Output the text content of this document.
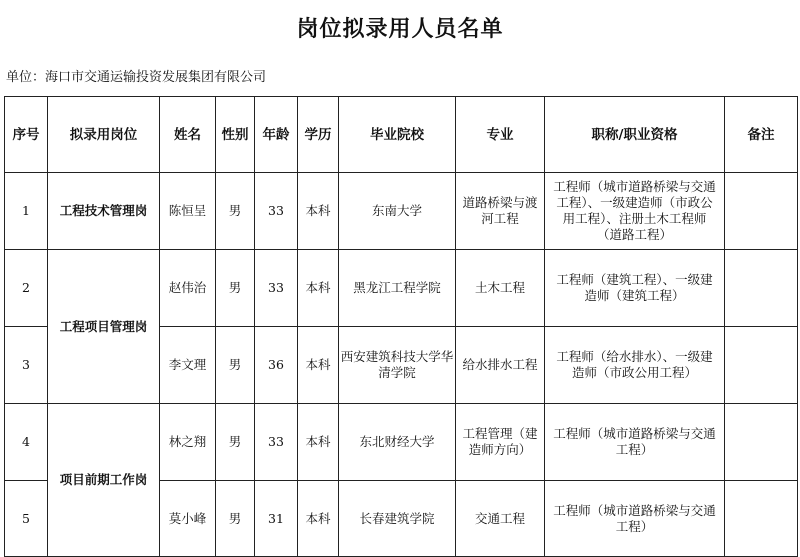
岗位拟录用人员名单
单位：海口市交通运输投资发展集团有限公司
序号	拟录用岗位	姓名	性别	年龄	学历	毕业院校	专业	职称/职业资格	备注
1	工程技术管理岗	陈恒呈	男	33	本科	东南大学	道路桥梁与渡河工程	工程师（城市道路桥梁与交通工程）、一级建造师（市政公用工程）、注册土木工程师（道路工程）	
2	工程项目管理岗	赵伟治	男	33	本科	黑龙江工程学院	土木工程	工程师（建筑工程）、一级建造师（建筑工程）	
3		李文理	男	36	本科	西安建筑科技大学华清学院	给水排水工程	工程师（给水排水）、一级建造师（市政公用工程）	
4	项目前期工作岗	林之翔	男	33	本科	东北财经大学	工程管理（建造师方向）	工程师（城市道路桥梁与交通工程）	
5		莫小峰	男	31	本科	长春建筑学院	交通工程	工程师（城市道路桥梁与交通工程）	
